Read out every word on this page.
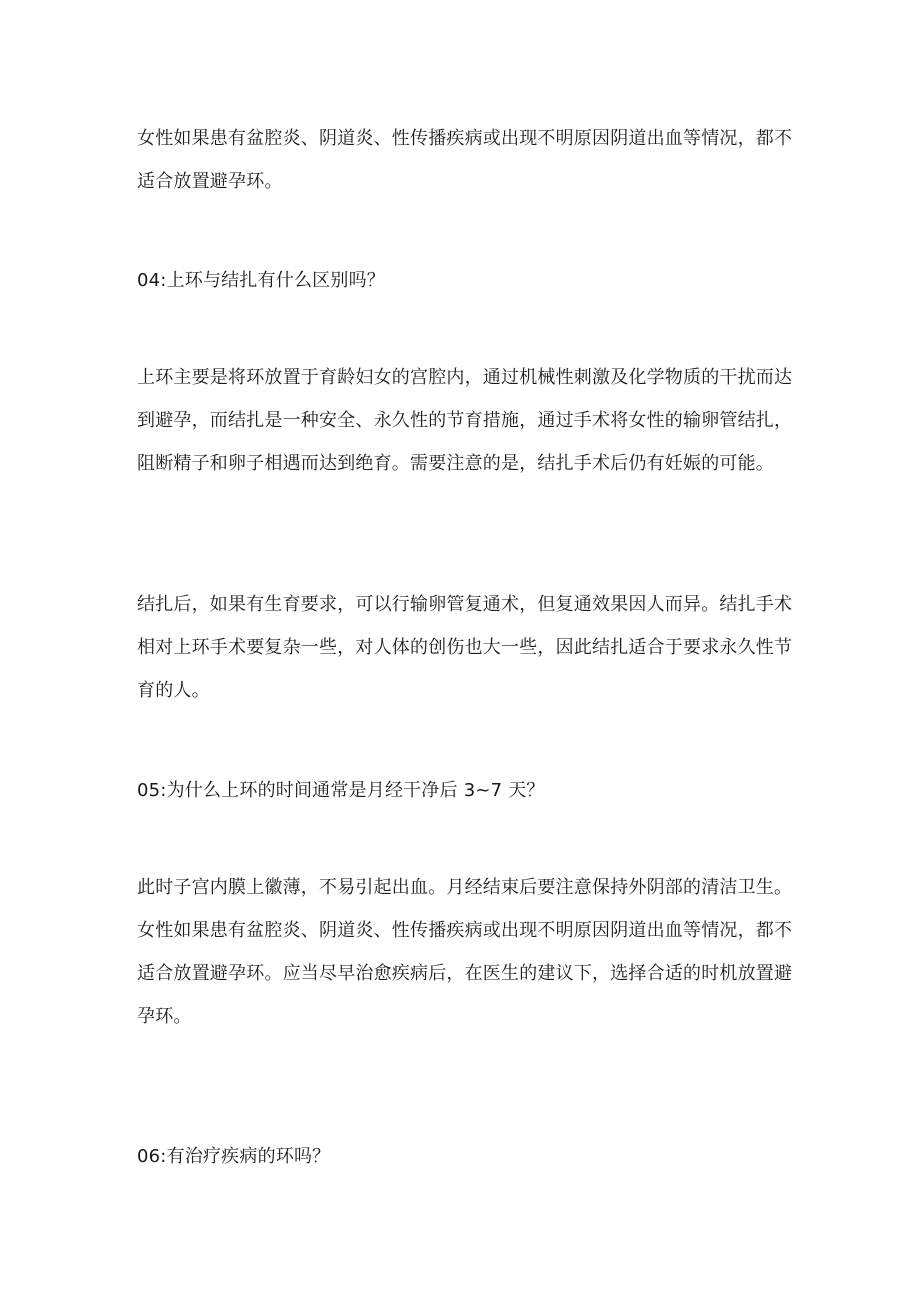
女性如果患有盆腔炎、阴道炎、性传播疾病或出现不明原因阴道出血等情况，都不适合放置避孕环。

04:上环与结扎有什么区别吗？

上环主要是将环放置于育龄妇女的宫腔内，通过机械性刺激及化学物质的干扰而达到避孕，而结扎是一种安全、永久性的节育措施，通过手术将女性的输卵管结扎，阻断精子和卵子相遇而达到绝育。需要注意的是，结扎手术后仍有妊娠的可能。

结扎后，如果有生育要求，可以行输卵管复通术，但复通效果因人而异。结扎手术相对上环手术要复杂一些，对人体的创伤也大一些，因此结扎适合于要求永久性节育的人。

05:为什么上环的时间通常是月经干净后 3~7 天？

此时子宫内膜上徽薄，不易引起出血。月经结束后要注意保持外阴部的清洁卫生。女性如果患有盆腔炎、阴道炎、性传播疾病或出现不明原因阴道出血等情况，都不适合放置避孕环。应当尽早治愈疾病后，在医生的建议下，选择合适的时机放置避孕环。

06:有治疗疾病的环吗？
